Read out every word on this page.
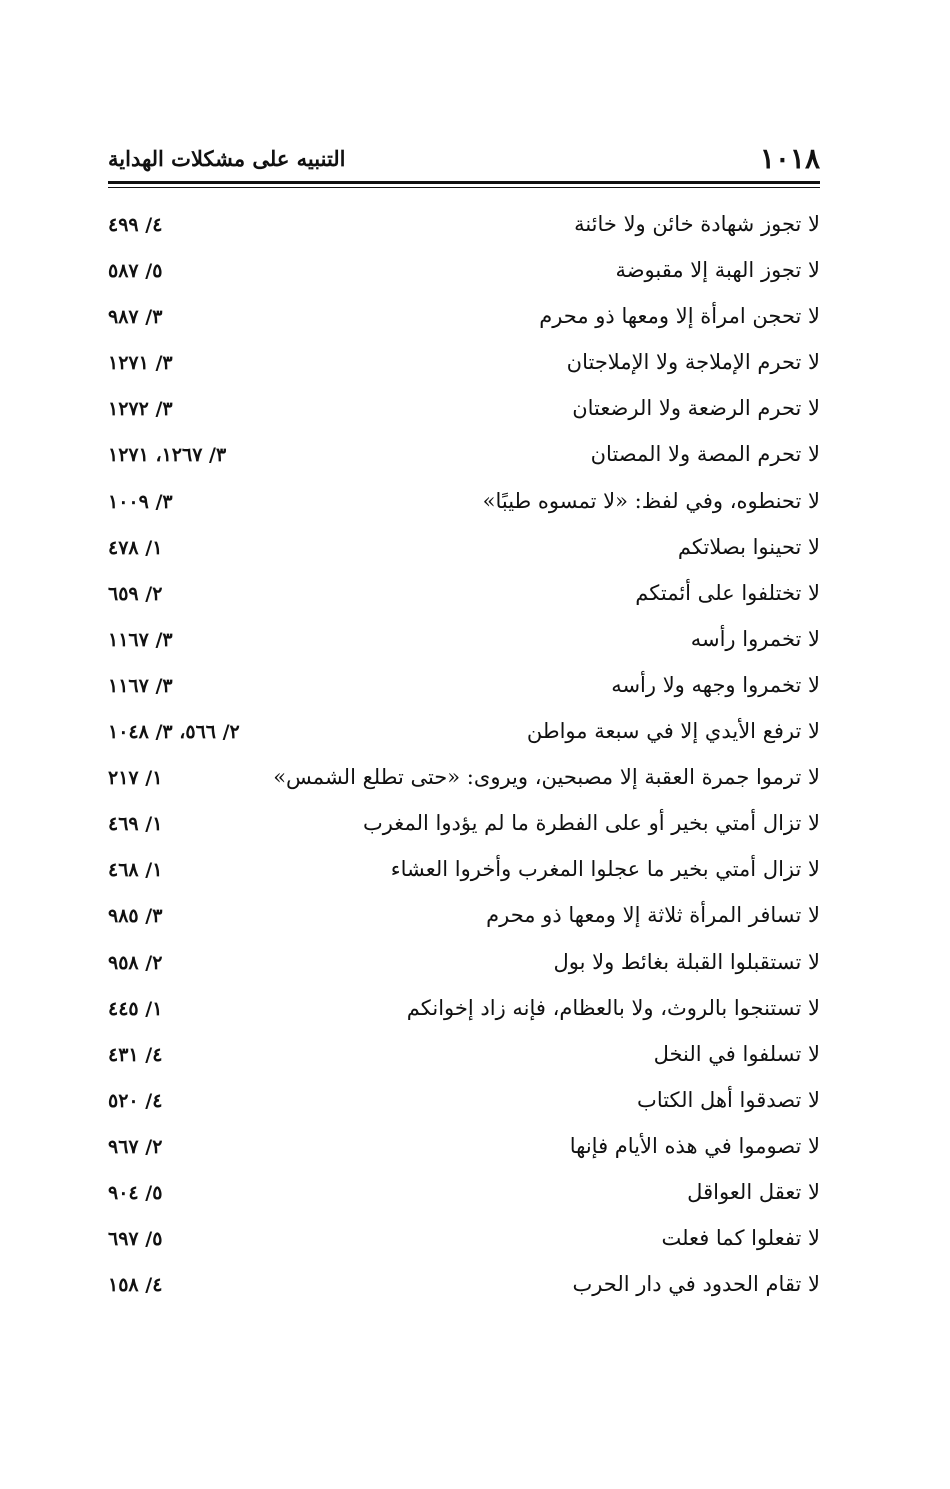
١٠١٨
التنبيه على مشكلات الهداية
لا تجوز شهادة خائن ولا خائنة
٤/ ٤٩٩
لا تجوز الهبة إلا مقبوضة
٥/ ٥٨٧
لا تحجن امرأة إلا ومعها ذو محرم
٣/ ٩٨٧
لا تحرم الإملاجة ولا الإملاجتان
٣/ ١٢٧١
لا تحرم الرضعة ولا الرضعتان
٣/ ١٢٧٢
لا تحرم المصة ولا المصتان
٣/ ١٢٦٧، ١٢٧١
لا تحنطوه، وفي لفظ: «لا تمسوه طيبًا»
٣/ ١٠٠٩
لا تحينوا بصلاتكم
١/ ٤٧٨
لا تختلفوا على أئمتكم
٢/ ٦٥٩
لا تخمروا رأسه
٣/ ١١٦٧
لا تخمروا وجهه ولا رأسه
٣/ ١١٦٧
لا ترفع الأيدي إلا في سبعة مواطن
٢/ ٥٦٦، ٣/ ١٠٤٨
لا ترموا جمرة العقبة إلا مصبحين، ويروى: «حتى تطلع الشمس»
١/ ٢١٧
لا تزال أمتي بخير أو على الفطرة ما لم يؤدوا المغرب
١/ ٤٦٩
لا تزال أمتي بخير ما عجلوا المغرب وأخروا العشاء
١/ ٤٦٨
لا تسافر المرأة ثلاثة إلا ومعها ذو محرم
٣/ ٩٨٥
لا تستقبلوا القبلة بغائط ولا بول
٢/ ٩٥٨
لا تستنجوا بالروث، ولا بالعظام، فإنه زاد إخوانكم
١/ ٤٤٥
لا تسلفوا في النخل
٤/ ٤٣١
لا تصدقوا أهل الكتاب
٤/ ٥٢٠
لا تصوموا في هذه الأيام فإنها
٢/ ٩٦٧
لا تعقل العواقل
٥/ ٩٠٤
لا تفعلوا كما فعلت
٥/ ٦٩٧
لا تقام الحدود في دار الحرب
٤/ ١٥٨
